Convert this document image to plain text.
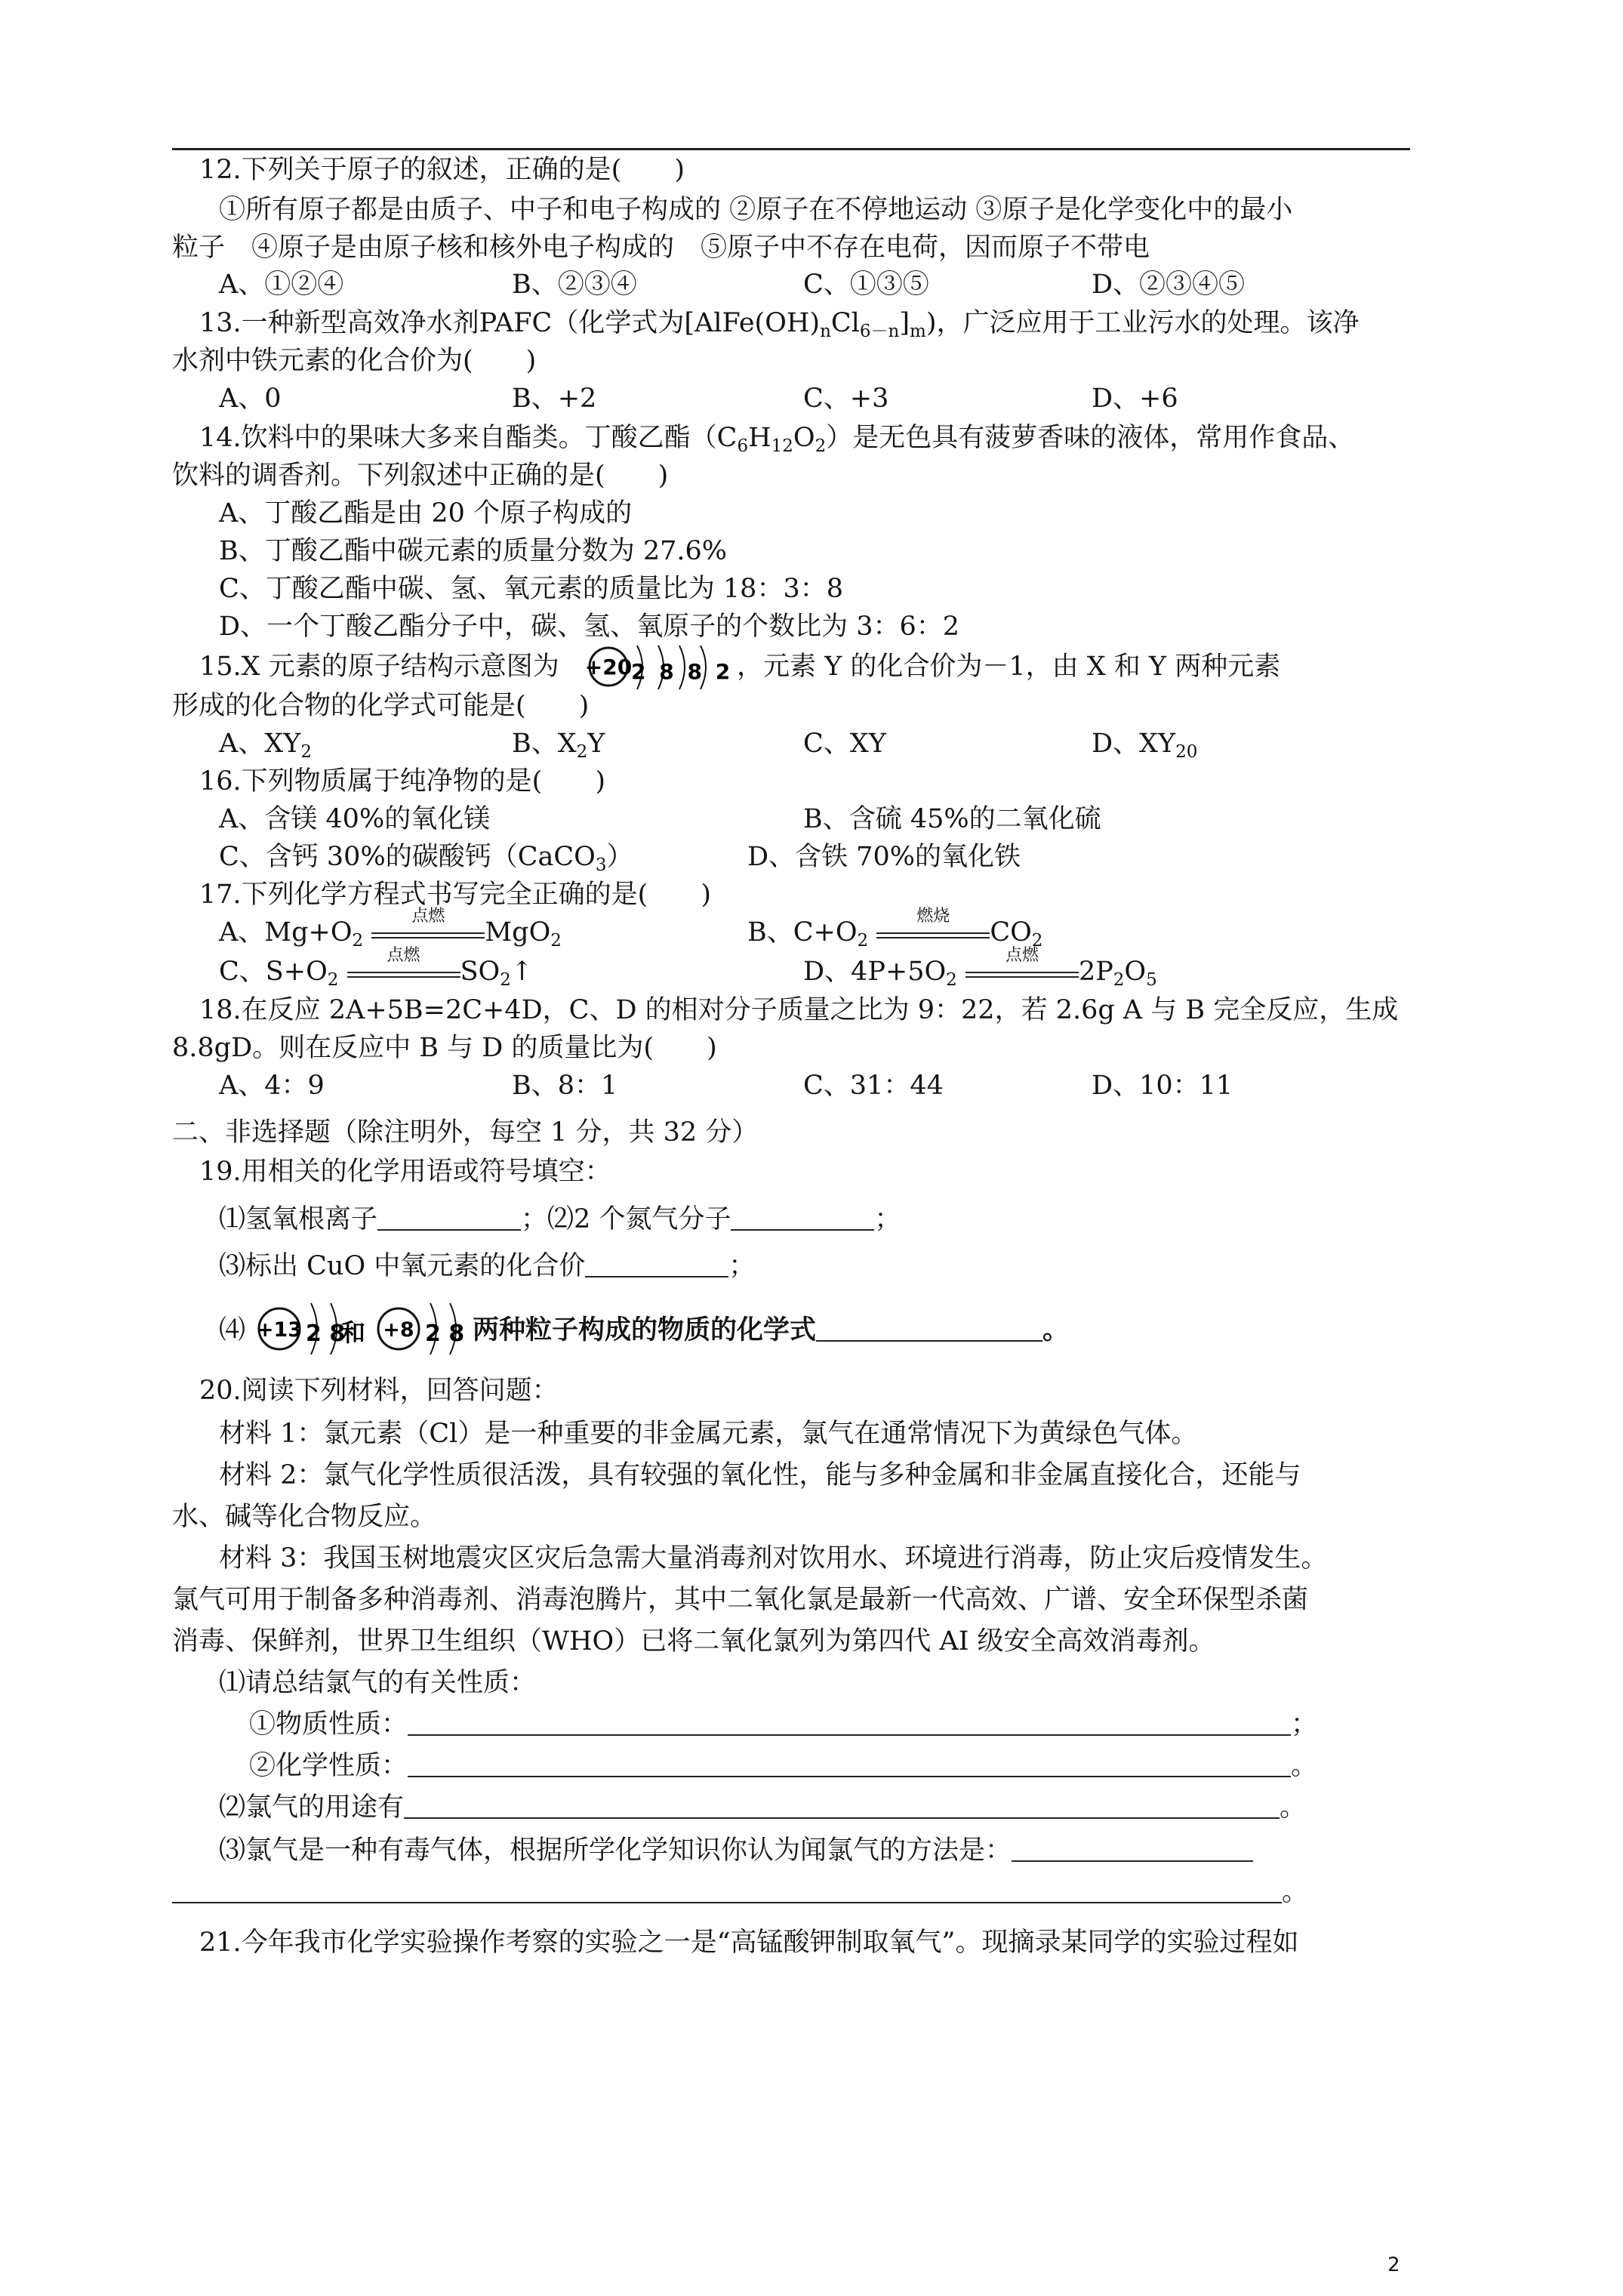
12.下列关于原子的叙述，正确的是(　　)
①所有原子都是由质子、中子和电子构成的 ②原子在不停地运动 ③原子是化学变化中的最小
粒子　④原子是由原子核和核外电子构成的　⑤原子中不存在电荷，因而原子不带电
A、①②④	B、②③④	C、①③⑤	D、②③④⑤
13.一种新型高效净水剂PAFC（化学式为$[AlFe(OH)_nCl_{6-n}]_m$)，广泛应用于工业污水的处理。该净
水剂中铁元素的化合价为(　　)
A、0	B、+2	C、+3	D、+6
14.饮料中的果味大多来自酯类。丁酸乙酯$(C_6H_{12}O_2)$是无色具有菠萝香味的液体，常用作食品、
饮料的调香剂。下列叙述中正确的是(　　)
A、丁酸乙酯是由 20 个原子构成的
B、丁酸乙酯中碳元素的质量分数为 27.6%
C、丁酸乙酯中碳、氢、氧元素的质量比为 18：3：8
D、一个丁酸乙酯分子中，碳、氢、氧原子的个数比为 3：6：2
15.X 元素的原子结构示意图为 +20
2 8 8 2 ，元素 Y 的化合价为－1，由 X 和 Y 两种元素
形成的化合物的化学式可能是(　　)
A、$XY_2$	B、$X_2Y$	C、XY	D、$XY_{20}$
16.下列物质属于纯净物的是(　　)
A、含镁 40%的氧化镁	B、含硫 45%的二氧化硫
C、含钙 30%的碳酸钙（CaCO$_3$）	D、含铁 70%的氧化铁
17.下列化学方程式书写完全正确的是(　　)
A、$Mg+O_2$
点燃
MgO$_2$	B、$C+O_2$
燃烧
$CO_2$
C、$S+O_2$
点燃
$SO_2↑$	D、$4P+5O_2$
点燃
$2P_2O_5$
18.在反应 2A+5B=2C+4D，C、D 的相对分子质量之比为 9：22，若 2.6g A 与 B 完全反应，生成
8.8gD。则在反应中 B 与 D 的质量比为(　　)
A、4：9	B、8：1	C、31：44	D、10：11
二、非选择题（除注明外，每空 1 分，共 32 分）
19.用相关的化学用语或符号填空：
⑴氢氧根离子	；⑵2 个氮气分子	；
⑶标出 CuO 中氧元素的化合价	；
⑷ +13 2 8
和 +8 2 8 两种粒子构成的物质的化学式	。
20.阅读下列材料，回答问题：
材料 1：氯元素（Cl）是一种重要的非金属元素，氯气在通常情况下为黄绿色气体。
材料 2：氯气化学性质很活泼，具有较强的氧化性，能与多种金属和非金属直接化合，还能与
水、碱等化合物反应。
材料 3：我国玉树地震灾区灾后急需大量消毒剂对饮用水、环境进行消毒，防止灾后疫情发生。
氯气可用于制备多种消毒剂、消毒泡腾片，其中二氧化氯是最新一代高效、广谱、安全环保型杀菌
消毒、保鲜剂，世界卫生组织（WHO）已将二氧化氯列为第四代 AI 级安全高效消毒剂。
⑴请总结氯气的有关性质：
①物质性质：	；
②化学性质：	。
⑵氯气的用途有	。
⑶氯气是一种有毒气体，根据所学化学知识你认为闻氯气的方法是：
。
21.今年我市化学实验操作考察的实验之一是“高锰酸钾制取氧气”。现摘录某同学的实验过程如
2
